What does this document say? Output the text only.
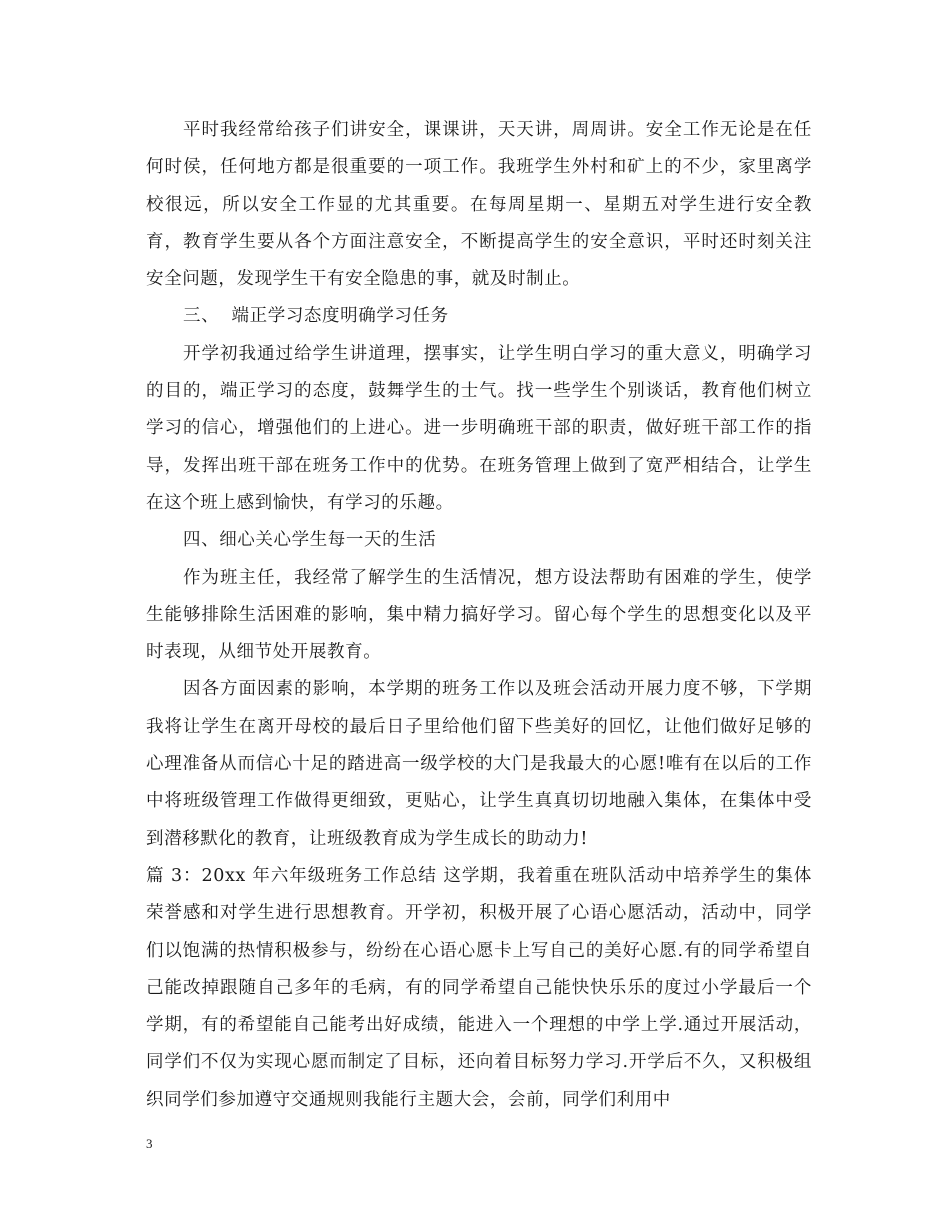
平时我经常给孩子们讲安全，课课讲，天天讲，周周讲。安全工作无论是在任何时侯，任何地方都是很重要的一项工作。我班学生外村和矿上的不少，家里离学校很远，所以安全工作显的尤其重要。在每周星期一、星期五对学生进行安全教育，教育学生要从各个方面注意安全，不断提高学生的安全意识，平时还时刻关注安全问题，发现学生干有安全隐患的事，就及时制止。

三、  端正学习态度明确学习任务

开学初我通过给学生讲道理，摆事实，让学生明白学习的重大意义，明确学习的目的，端正学习的态度，鼓舞学生的士气。找一些学生个别谈话，教育他们树立学习的信心，增强他们的上进心。进一步明确班干部的职责，做好班干部工作的指导，发挥出班干部在班务工作中的优势。在班务管理上做到了宽严相结合，让学生在这个班上感到愉快，有学习的乐趣。

四、细心关心学生每一天的生活

作为班主任，我经常了解学生的生活情况，想方设法帮助有困难的学生，使学生能够排除生活困难的影响，集中精力搞好学习。留心每个学生的思想变化以及平时表现，从细节处开展教育。

因各方面因素的影响，本学期的班务工作以及班会活动开展力度不够，下学期我将让学生在离开母校的最后日子里给他们留下些美好的回忆，让他们做好足够的心理准备从而信心十足的踏进高一级学校的大门是我最大的心愿!唯有在以后的工作中将班级管理工作做得更细致，更贴心，让学生真真切切地融入集体，在集体中受到潜移默化的教育，让班级教育成为学生成长的助动力!

篇 3：20xx 年六年级班务工作总结 这学期，我着重在班队活动中培养学生的集体荣誉感和对学生进行思想教育。开学初，积极开展了心语心愿活动，活动中，同学们以饱满的热情积极参与，纷纷在心语心愿卡上写自己的美好心愿.有的同学希望自己能改掉跟随自己多年的毛病，有的同学希望自己能快快乐乐的度过小学最后一个学期，有的希望能自己能考出好成绩，能进入一个理想的中学上学.通过开展活动，同学们不仅为实现心愿而制定了目标，还向着目标努力学习.开学后不久，又积极组织同学们参加遵守交通规则我能行主题大会，会前，同学们利用中

3
